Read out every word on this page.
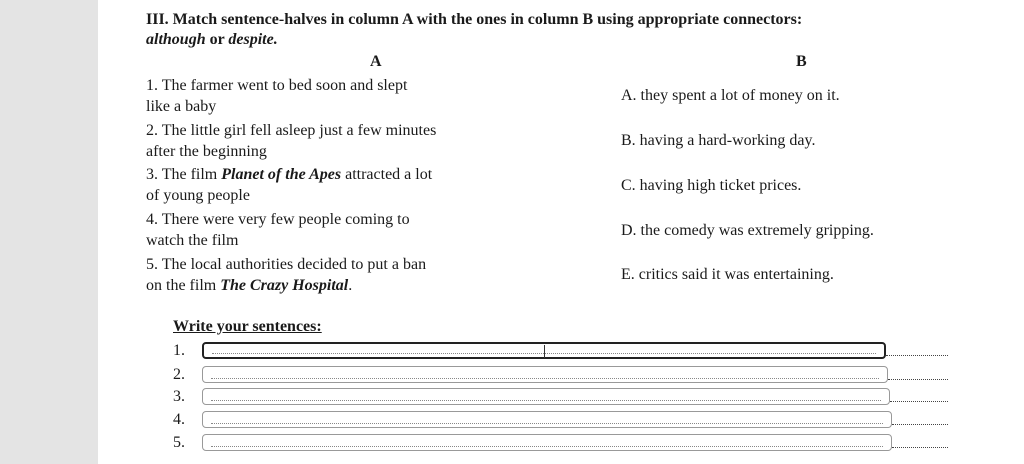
III. Match sentence-halves in column A with the ones in column B using appropriate connectors:
although or despite.
A	B
1. The farmer went to bed soon and slept
like a baby
2. The little girl fell asleep just a few minutes
after the beginning
3. The film Planet of the Apes attracted a lot
of young people
4. There were very few people coming to
watch the film
5. The local authorities decided to put a ban
on the film The Crazy Hospital.
A. they spent a lot of money on it.
B. having a hard-working day.
C. having high ticket prices.
D. the comedy was extremely gripping.
E. critics said it was entertaining.
Write your sentences:
1.
2.
3.
4.
5.
